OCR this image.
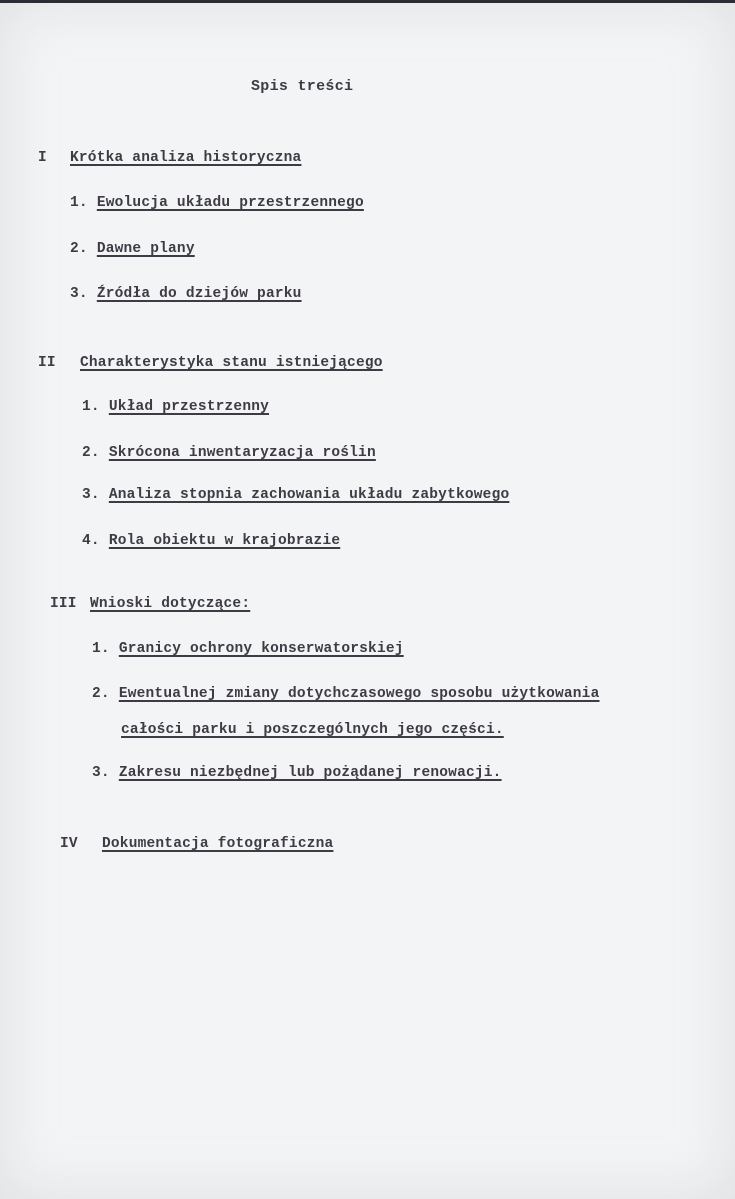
Spis treści
I Krótka analiza historyczna
1. Ewolucja układu przestrzennego
2. Dawne plany
3. Źródła do dziejów parku
II Charakterystyka stanu istniejącego
1. Układ przestrzenny
2. Skrócona inwentaryzacja roślin
3. Analiza stopnia zachowania układu zabytkowego
4. Rola obiektu w krajobrazie
III Wnioski dotyczące:
1. Granicy ochrony konserwatorskiej
2. Ewentualnej zmiany dotychczasowego sposobu użytkowania
całości parku i poszczególnych jego części.
3. Zakresu niezbędnej lub pożądanej renowacji.
IV Dokumentacja fotograficzna
